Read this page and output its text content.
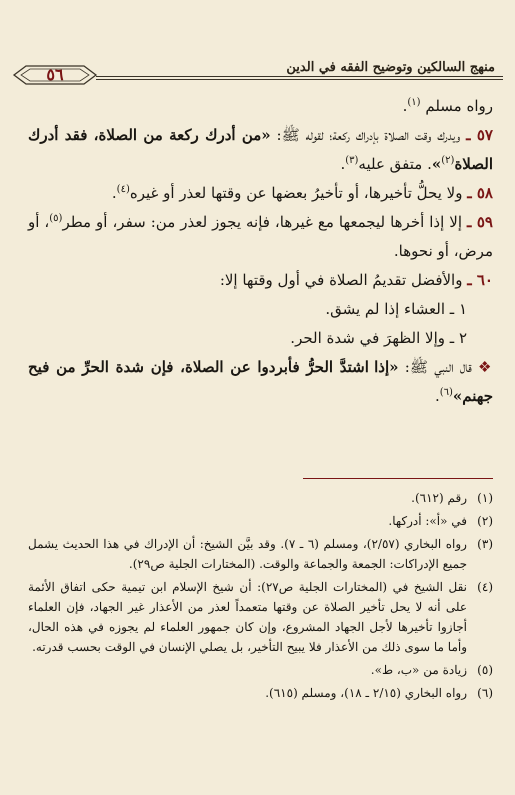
منهج السالكين وتوضيح الفقه في الدين
٥٦

رواه مسلم $^{(١)}$.

٥٧ ـ ويدرك وقت الصلاة بإدراك ركعة؛ لقوله ﷺ: «من أدرك ركعة من الصلاة، فقد أدرك الصلاة$^{(٢)}$». متفق عليه$^{(٣)}$.

٥٨ ـ ولا يحلُّ تأخيرها، أو تأخيرُ بعضها عن وقتها لعذر أو غيره$^{(٤)}$.

٥٩ ـ إلا إذا أخرها ليجمعها مع غيرها، فإنه يجوز لعذر من: سفر، أو مطر$^{(٥)}$، أو مرض، أو نحوها.

٦٠ ـ والأفضل تقديمُ الصلاة في أول وقتها إلا:

١ ـ العشاء إذا لم يشق.

٢ ـ وإلا الظهرَ في شدة الحر.

❖ قال النبي ﷺ: «إذا اشتدَّ الحرُّ فأبردوا عن الصلاة، فإن شدة الحرِّ من فيح جهنم»$^{(٦)}$.

(١)
رقم (٦١٢).
(٢)
في «أ»: أدركها.
(٣)
رواه البخاري (٢/٥٧)، ومسلم (٦ ـ ٧). وقد بيَّن الشيخ: أن الإدراك في هذا الحديث يشمل جميع الإدراكات: الجمعة والجماعة والوقت. (المختارات الجلية ص٢٩).
(٤)
نقل الشيخ في (المختارات الجلية ص٢٧): أن شيخ الإسلام ابن تيمية حكى اتفاق الأئمة على أنه لا يحل تأخير الصلاة عن وقتها متعمداً لعذر من الأعذار غير الجهاد، فإن العلماء أجازوا تأخيرها لأجل الجهاد المشروع، وإن كان جمهور العلماء لم يجوزه في هذه الحال، وأما ما سوى ذلك من الأعذار فلا يبيح التأخير، بل يصلي الإنسان في الوقت بحسب قدرته.
(٥)
زيادة من «ب، ط».
(٦)
رواه البخاري (٢/١٥ ـ ١٨)، ومسلم (٦١٥).
